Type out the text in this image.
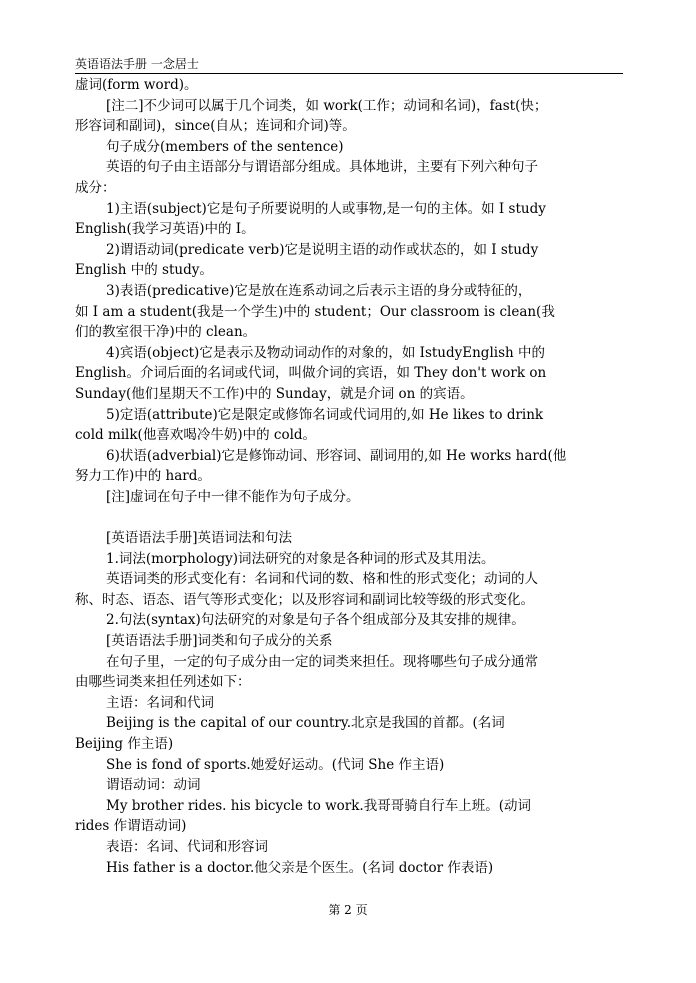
英语语法手册 一念居士
虚词(form word)。
[注二]不少词可以属于几个词类，如 work(工作；动词和名词)，fast(快；
形容词和副词)，since(自从；连词和介词)等。
句子成分(members of the sentence)
英语的句子由主语部分与谓语部分组成。具体地讲，主要有下列六种句子
成分：
1)主语(subject)它是句子所要说明的人或事物,是一句的主体。如 I study
English(我学习英语)中的 I。
2)谓语动词(predicate verb)它是说明主语的动作或状态的，如 I study
English 中的 study。
3)表语(predicative)它是放在连系动词之后表示主语的身分或特征的，
如 I am a student(我是一个学生)中的 student；Our classroom is clean(我
们的教室很干净)中的 clean。
4)宾语(object)它是表示及物动词动作的对象的，如 IstudyEnglish 中的
English。介词后面的名词或代词，叫做介词的宾语，如 They don't work on
Sunday(他们星期天不工作)中的 Sunday，就是介词 on 的宾语。
5)定语(attribute)它是限定或修饰名词或代词用的,如 He likes to drink
cold milk(他喜欢喝冷牛奶)中的 cold。
6)状语(adverbial)它是修饰动词、形容词、副词用的,如 He works hard(他
努力工作)中的 hard。
[注]虚词在句子中一律不能作为句子成分。
[英语语法手册]英语词法和句法
1.词法(morphology)词法研究的对象是各种词的形式及其用法。
英语词类的形式变化有：名词和代词的数、格和性的形式变化；动词的人
称、时态、语态、语气等形式变化；以及形容词和副词比较等级的形式变化。
2.句法(syntax)句法研究的对象是句子各个组成部分及其安排的规律。
[英语语法手册]词类和句子成分的关系
在句子里，一定的句子成分由一定的词类来担任。现将哪些句子成分通常
由哪些词类来担任列述如下：
主语：名词和代词
Beijing is the capital of our country.北京是我国的首都。(名词
Beijing 作主语)
She is fond of sports.她爱好运动。(代词 She 作主语)
谓语动词：动词
My brother rides. his bicycle to work.我哥哥骑自行车上班。(动词
rides 作谓语动词)
表语：名词、代词和形容词
His father is a doctor.他父亲是个医生。(名词 doctor 作表语)
第 2 页
